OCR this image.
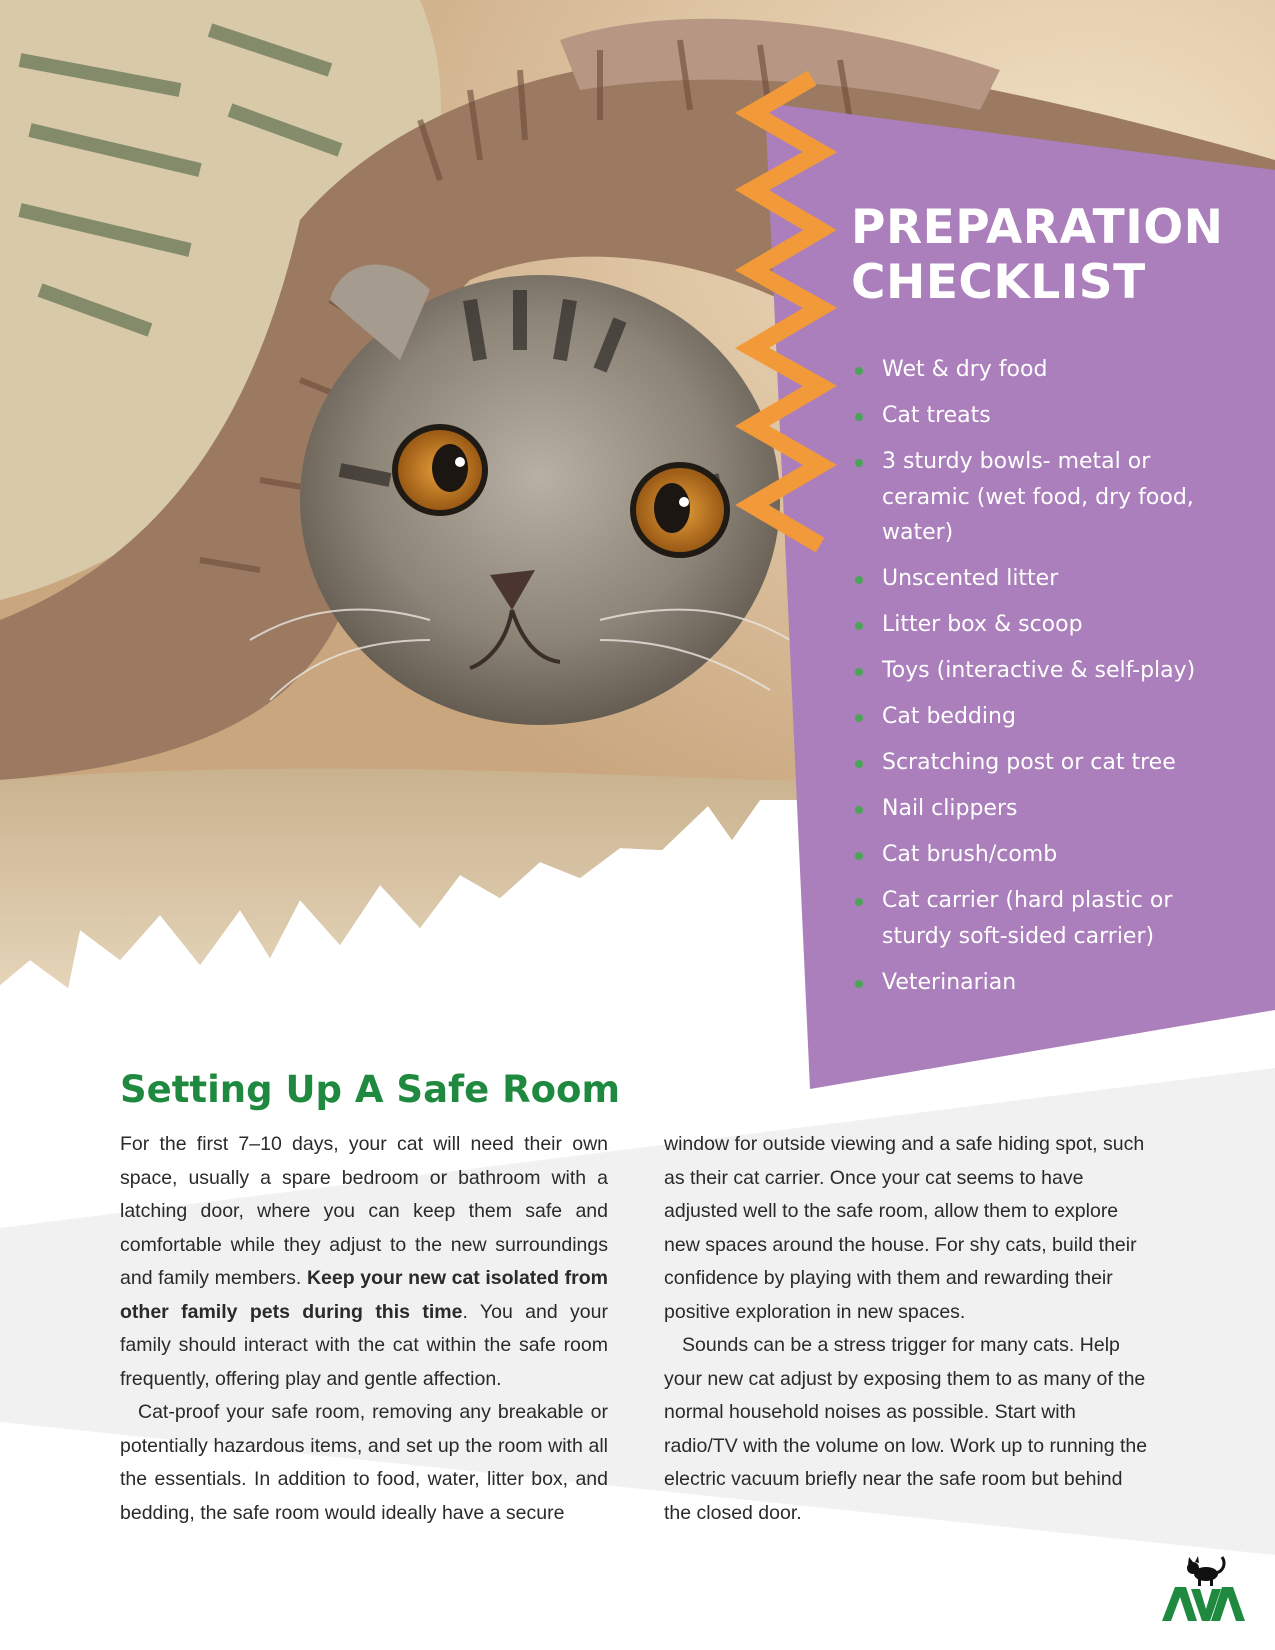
PREPARATION
CHECKLIST
Wet & dry food
Cat treats
3 sturdy bowls- metal or ceramic (wet food, dry food, water)
Unscented litter
Litter box & scoop
Toys (interactive & self-play)
Cat bedding
Scratching post or cat tree
Nail clippers
Cat brush/comb
Cat carrier (hard plastic or sturdy soft-sided carrier)
Veterinarian
Setting Up A Safe Room

For the first 7–10 days, your cat will need their own space, usually a spare bedroom or bathroom with a latching door, where you can keep them safe and comfortable while they adjust to the new surroundings and family members. Keep your new cat isolated from other family pets during this time. You and your family should interact with the cat within the safe room frequently, offering play and gentle affection.

Cat-proof your safe room, removing any breakable or potentially hazardous items, and set up the room with all the essentials. In addition to food, water, litter box, and bedding, the safe room would ideally have a secure

window for outside viewing and a safe hiding spot, such as their cat carrier. Once your cat seems to have adjusted well to the safe room, allow them to explore new spaces around the house. For shy cats, build their confidence by playing with them and rewarding their positive exploration in new spaces.

Sounds can be a stress trigger for many cats. Help your new cat adjust by exposing them to as many of the normal household noises as possible. Start with radio/TV with the volume on low. Work up to running the electric vacuum briefly near the safe room but behind the closed door.
